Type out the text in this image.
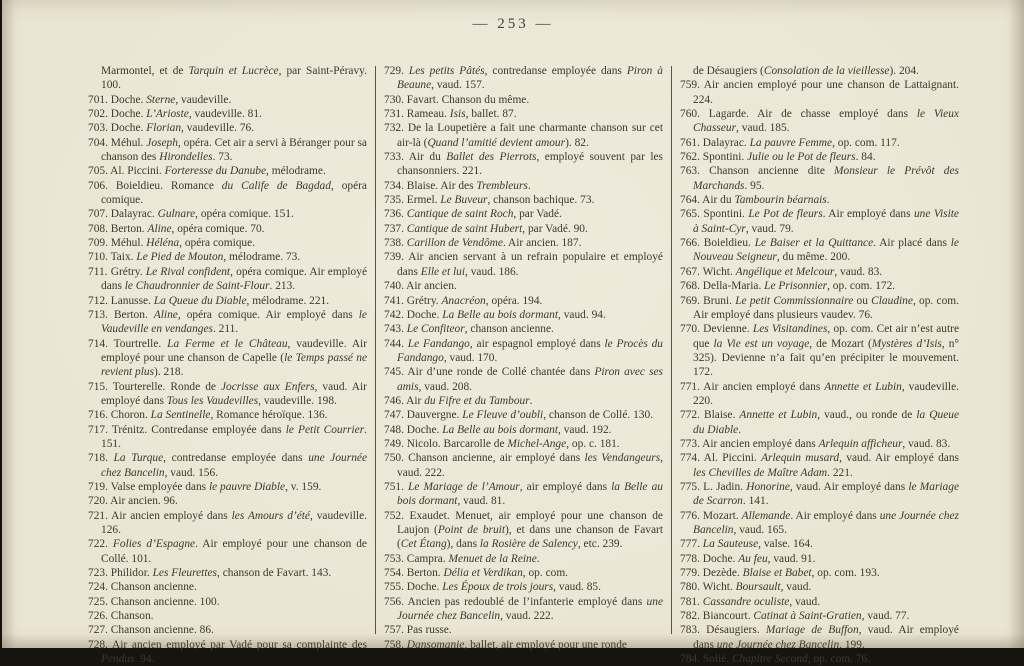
— 253 —

Marmontel, et de Tarquin et Lucrèce, par Saint-Péravy. 100.

701. Doche. Sterne, vaudeville.

702. Doche. L’Arioste, vaudeville. 81.

703. Doche. Florian, vaudeville. 76.

704. Méhul. Joseph, opéra. Cet air a servi à Béranger pour sa chanson des Hirondelles. 73.

705. Al. Piccini. Forteresse du Danube, mélodrame.

706. Boieldieu. Romance du Calife de Bagdad, opéra comique.

707. Dalayrac. Gulnare, opéra comique. 151.

708. Berton. Aline, opéra comique. 70.

709. Méhul. Héléna, opéra comique.

710. Taix. Le Pied de Mouton, mélodrame. 73.

711. Grétry. Le Rival confident, opéra comique. Air employé dans le Chaudronnier de Saint-Flour. 213.

712. Lanusse. La Queue du Diable, mélodrame. 221.

713. Berton. Aline, opéra comique. Air employé dans le Vaudeville en vendanges. 211.

714. Tourtrelle. La Ferme et le Château, vaudeville. Air employé pour une chanson de Capelle (le Temps passé ne revient plus). 218.

715. Tourterelle. Ronde de Jocrisse aux Enfers, vaud. Air employé dans Tous les Vaudevilles, vaudeville. 198.

716. Choron. La Sentinelle, Romance héroïque. 136.

717. Trénitz. Contredanse employée dans le Petit Courrier. 151.

718. La Turque, contredanse employée dans une Journée chez Bancelin, vaud. 156.

719. Valse employée dans le pauvre Diable, v. 159.

720. Air ancien. 96.

721. Air ancien employé dans les Amours d’été, vaudeville. 126.

722. Folies d’Espagne. Air employé pour une chanson de Collé. 101.

723. Philidor. Les Fleurettes, chanson de Favart. 143.

724. Chanson ancienne.

725. Chanson ancienne. 100.

726. Chanson.

727. Chanson ancienne. 86.

728. Air ancien employé par Vadé pour sa complainte des Pendus. 94.

729. Les petits Pâtés, contredanse employée dans Piron à Beaune, vaud. 157.

730. Favart. Chanson du même.

731. Rameau. Isis, ballet. 87.

732. De la Loupetière a fait une charmante chanson sur cet air-là (Quand l’amitié devient amour). 82.

733. Air du Ballet des Pierrots, employé souvent par les chansonniers. 221.

734. Blaise. Air des Trembleurs.

735. Ermel. Le Buveur, chanson bachique. 73.

736. Cantique de saint Roch, par Vadé.

737. Cantique de saint Hubert, par Vadé. 90.

738. Carillon de Vendôme. Air ancien. 187.

739. Air ancien servant à un refrain populaire et employé dans Elle et lui, vaud. 186.

740. Air ancien.

741. Grétry. Anacréon, opéra. 194.

742. Doche. La Belle au bois dormant, vaud. 94.

743. Le Confiteor, chanson ancienne.

744. Le Fandango, air espagnol employé dans le Procès du Fandango, vaud. 170.

745. Air d’une ronde de Collé chantée dans Piron avec ses amis, vaud. 208.

746. Air du Fifre et du Tambour.

747. Dauvergne. Le Fleuve d’oubli, chanson de Collé. 130.

748. Doche. La Belle au bois dormant, vaud. 192.

749. Nicolo. Barcarolle de Michel-Ange, op. c. 181.

750. Chanson ancienne, air employé dans les Vendangeurs, vaud. 222.

751. Le Mariage de l’Amour, air employé dans la Belle au bois dormant, vaud. 81.

752. Exaudet. Menuet, air employé pour une chanson de Laujon (Point de bruit), et dans une chanson de Favart (Cet Étang), dans la Rosière de Salency, etc. 239.

753. Campra. Menuet de la Reine.

754. Berton. Délia et Verdikan, op. com.

755. Doche. Les Époux de trois jours, vaud. 85.

756. Ancien pas redoublé de l’infanterie employé dans une Journée chez Bancelin, vaud. 222.

757. Pas russe.

758. Dansomanie, ballet, air employé pour une ronde

de Désaugiers (Consolation de la vieillesse). 204.

759. Air ancien employé pour une chanson de Lattaignant. 224.

760. Lagarde. Air de chasse employé dans le Vieux Chasseur, vaud. 185.

761. Dalayrac. La pauvre Femme, op. com. 117.

762. Spontini. Julie ou le Pot de fleurs. 84.

763. Chanson ancienne dite Monsieur le Prévôt des Marchands. 95.

764. Air du Tambourin béarnais.

765. Spontini. Le Pot de fleurs. Air employé dans une Visite à Saint-Cyr, vaud. 79.

766. Boieldieu. Le Baiser et la Quittance. Air placé dans le Nouveau Seigneur, du même. 200.

767. Wicht. Angélique et Melcour, vaud. 83.

768. Della-Maria. Le Prisonnier, op. com. 172.

769. Bruni. Le petit Commissionnaire ou Claudine, op. com. Air employé dans plusieurs vaudev. 76.

770. Devienne. Les Visitandines, op. com. Cet air n’est autre que la Vie est un voyage, de Mozart (Mystères d’Isis, n° 325). Devienne n’a fait qu’en précipiter le mouvement. 172.

771. Air ancien employé dans Annette et Lubin, vaudeville. 220.

772. Blaise. Annette et Lubin, vaud., ou ronde de la Queue du Diable.

773. Air ancien employé dans Arlequin afficheur, vaud. 83.

774. Al. Piccini. Arlequin musard, vaud. Air employé dans les Chevilles de Maître Adam. 221.

775. L. Jadin. Honorine, vaud. Air employé dans le Mariage de Scarron. 141.

776. Mozart. Allemande. Air employé dans une Journée chez Bancelin, vaud. 165.

777. La Sauteuse, valse. 164.

778. Doche. Au feu, vaud. 91.

779. Dezède. Blaise et Babet, op. com. 193.

780. Wicht. Boursault, vaud.

781. Cassandre oculiste, vaud.

782. Biancourt. Catinat à Saint-Gratien, vaud. 77.

783. Désaugiers. Mariage de Buffon, vaud. Air employé dans une Journée chez Bancelin. 199.

784. Solié. Chapitre Second, op. com. 76.
